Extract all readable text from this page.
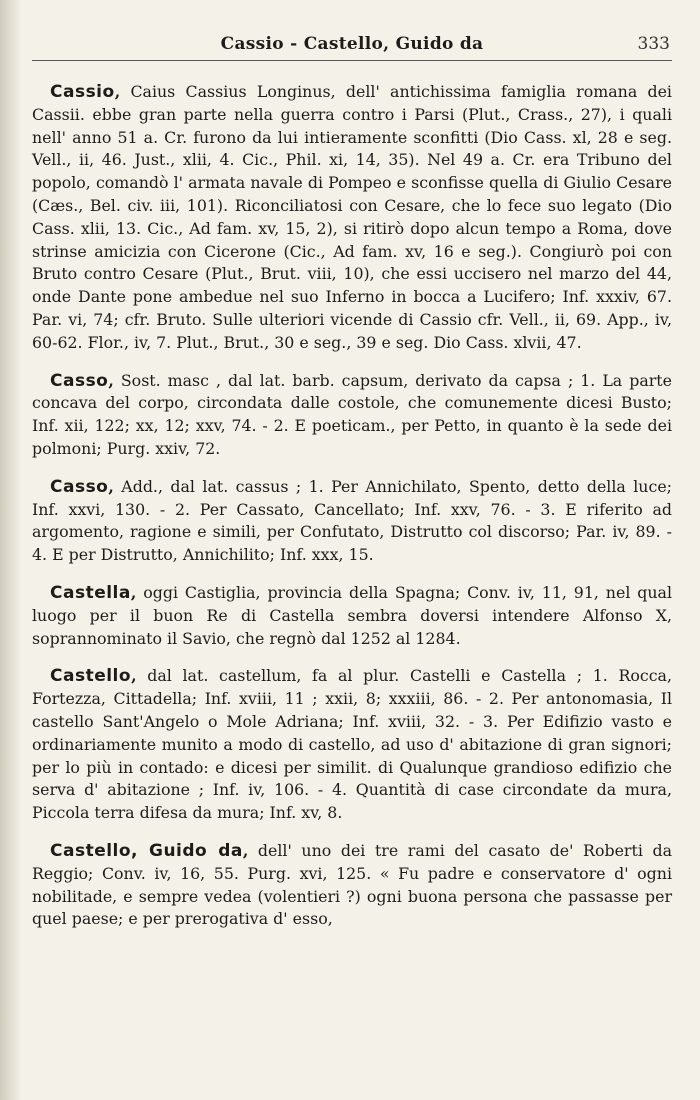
Cassio - Castello, Guido da	333

Cassio, Caius Cassius Longinus, dell' antichissima famiglia romana dei Cassii. ebbe gran parte nella guerra contro i Parsi (Plut., Crass., 27), i quali nell' anno 51 a. Cr. furono da lui intieramente sconfitti (Dio Cass. xl, 28 e seg. Vell., ii, 46. Just., xlii, 4. Cic., Phil. xi, 14, 35). Nel 49 a. Cr. era Tribuno del popolo, comandò l' armata navale di Pompeo e sconfisse quella di Giulio Cesare (Cæs., Bel. civ. iii, 101). Riconciliatosi con Cesare, che lo fece suo legato (Dio Cass. xlii, 13. Cic., Ad fam. xv, 15, 2), si ritirò dopo alcun tempo a Roma, dove strinse amicizia con Cicerone (Cic., Ad fam. xv, 16 e seg.). Congiurò poi con Bruto contro Cesare (Plut., Brut. viii, 10), che essi uccisero nel marzo del 44, onde Dante pone ambedue nel suo Inferno in bocca a Lucifero; Inf. xxxiv, 67. Par. vi, 74; cfr. Bruto. Sulle ulteriori vicende di Cassio cfr. Vell., ii, 69. App., iv, 60-62. Flor., iv, 7. Plut., Brut., 30 e seg., 39 e seg. Dio Cass. xlvii, 47.

Casso, Sost. masc , dal lat. barb. capsum, derivato da capsa ; 1. La parte concava del corpo, circondata dalle costole, che comunemente dicesi Busto; Inf. xii, 122; xx, 12; xxv, 74. - 2. E poeticam., per Petto, in quanto è la sede dei polmoni; Purg. xxiv, 72.

Casso, Add., dal lat. cassus ; 1. Per Annichilato, Spento, detto della luce; Inf. xxvi, 130. - 2. Per Cassato, Cancellato; Inf. xxv, 76. - 3. E riferito ad argomento, ragione e simili, per Confutato, Distrutto col discorso; Par. iv, 89. - 4. E per Distrutto, Annichilito; Inf. xxx, 15.

Castella, oggi Castiglia, provincia della Spagna; Conv. iv, 11, 91, nel qual luogo per il buon Re di Castella sembra doversi intendere Alfonso X, soprannominato il Savio, che regnò dal 1252 al 1284.

Castello, dal lat. castellum, fa al plur. Castelli e Castella ; 1. Rocca, Fortezza, Cittadella; Inf. xviii, 11 ; xxii, 8; xxxiii, 86. - 2. Per antonomasia, Il castello Sant'Angelo o Mole Adriana; Inf. xviii, 32. - 3. Per Edifizio vasto e ordinariamente munito a modo di castello, ad uso d' abitazione di gran signori; per lo più in contado: e dicesi per similit. di Qualunque grandioso edifizio che serva d' abitazione ; Inf. iv, 106. - 4. Quantità di case circondate da mura, Piccola terra difesa da mura; Inf. xv, 8.

Castello, Guido da, dell' uno dei tre rami del casato de' Roberti da Reggio; Conv. iv, 16, 55. Purg. xvi, 125. « Fu padre e conservatore d' ogni nobilitade, e sempre vedea (volentieri ?) ogni buona persona che passasse per quel paese; e per prerogativa d' esso,
